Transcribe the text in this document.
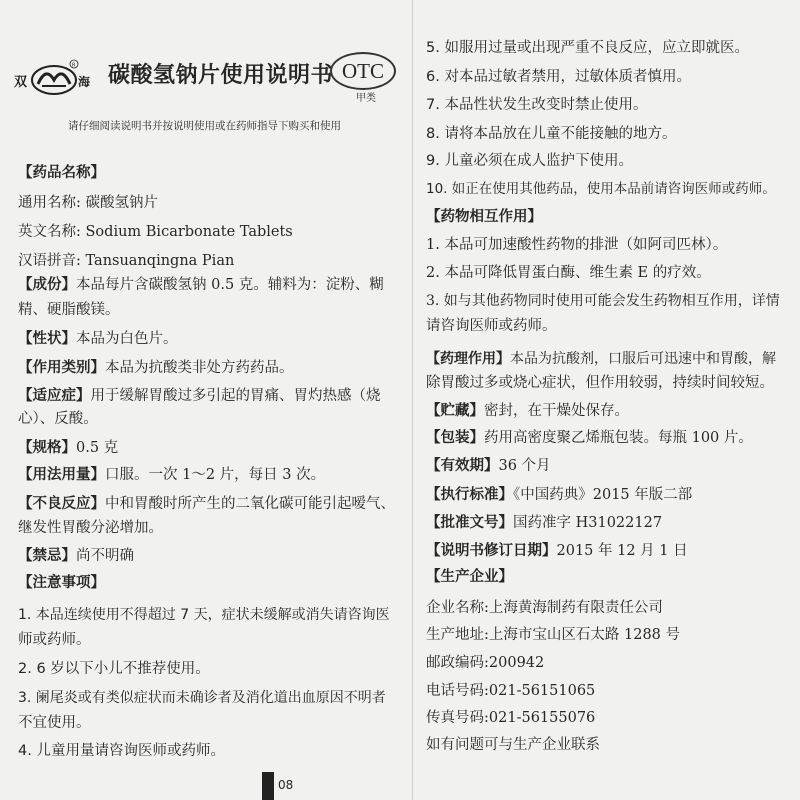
双	海
R 碳酸氢钠片使用说明书 OTC
甲类
请仔细阅读说明书并按说明使用或在药师指导下购买和使用
【药品名称】
通用名称: 碳酸氢钠片
英文名称: Sodium Bicarbonate Tablets
汉语拼音: Tansuanqingna Pian
【成份】本品每片含碳酸氢钠 0.5 克。辅料为：淀粉、糊
精、硬脂酸镁。
【性状】本品为白色片。
【作用类别】本品为抗酸类非处方药药品。
【适应症】用于缓解胃酸过多引起的胃痛、胃灼热感（烧
心）、反酸。
【规格】0.5 克
【用法用量】口服。一次 1～2 片，每日 3 次。
【不良反应】中和胃酸时所产生的二氧化碳可能引起嗳气、
继发性胃酸分泌增加。
【禁忌】尚不明确
【注意事项】
1. 本品连续使用不得超过 7 天，症状未缓解或消失请咨询医
师或药师。
2. 6 岁以下小儿不推荐使用。
3. 阑尾炎或有类似症状而未确诊者及消化道出血原因不明者
不宜使用。
4. 儿童用量请咨询医师或药师。
08
5. 如服用过量或出现严重不良反应，应立即就医。
6. 对本品过敏者禁用，过敏体质者慎用。
7. 本品性状发生改变时禁止使用。
8. 请将本品放在儿童不能接触的地方。
9. 儿童必须在成人监护下使用。
10. 如正在使用其他药品，使用本品前请咨询医师或药师。
【药物相互作用】
1. 本品可加速酸性药物的排泄（如阿司匹林）。
2. 本品可降低胃蛋白酶、维生素 E 的疗效。
3. 如与其他药物同时使用可能会发生药物相互作用，详情
请咨询医师或药师。
【药理作用】本品为抗酸剂，口服后可迅速中和胃酸，解
除胃酸过多或烧心症状，但作用较弱，持续时间较短。
【贮藏】密封，在干燥处保存。
【包装】药用高密度聚乙烯瓶包装。每瓶 100 片。
【有效期】36 个月
【执行标准】《中国药典》2015 年版二部
【批准文号】国药准字 H31022127
【说明书修订日期】2015 年 12 月 1 日
【生产企业】
企业名称:上海黄海制药有限责任公司
生产地址:上海市宝山区石太路 1288 号
邮政编码:200942
电话号码:021-56151065
传真号码:021-56155076
如有问题可与生产企业联系
